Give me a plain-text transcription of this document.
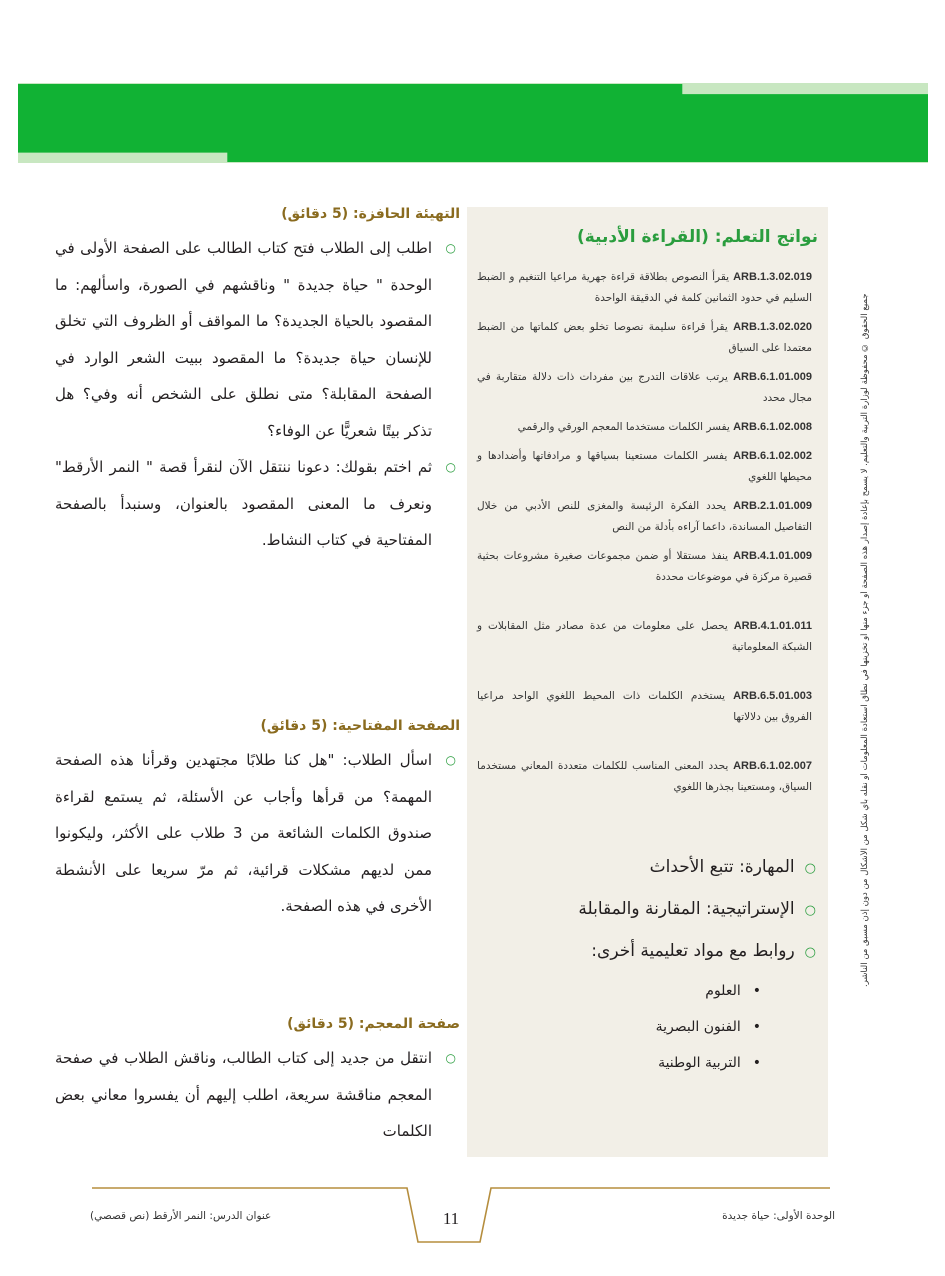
جميع الحقوق © محفوظة لوزارة التربية والتعليم. لا يسمح بإعادة إصدار هذه الصفحة أو جزء منها أو تخزينها في نطاق استعادة المعلومات أو نقله بأي شكل من الأشكال من دون إذن مسبق من الناشر.
نواتج التعلم: (القراءة الأدبية)
ARB.1.3.02.019 يقرأ النصوص بطلاقة قراءة جهرية مراعيا التنغيم و الضبط السليم في حدود الثمانين كلمة في الدقيقة الواحدة
ARB.1.3.02.020 يقرأ قراءة سليمة نصوصا تخلو بعض كلماتها من الضبط معتمدا على السياق
ARB.6.1.01.009 يرتب علاقات التدرج بين مفردات ذات دلالة متقاربة في مجال محدد
ARB.6.1.02.008 يفسر الكلمات مستخدما المعجم الورقي والرقمي
ARB.6.1.02.002 يفسر الكلمات مستعينا بسياقها و مرادفاتها وأضدادها و محيطها اللغوي
ARB.2.1.01.009 يحدد الفكرة الرئيسة والمغزى للنص الأدبي من خلال التفاصيل المساندة، داعما آراءه بأدلة من النص
ARB.4.1.01.009 ينفذ مستقلا أو ضمن مجموعات صغيرة مشروعات بحثية قصيرة مركزة في موضوعات محددة
ARB.4.1.01.011 يحصل على معلومات من عدة مصادر مثل المقابلات و الشبكة المعلوماتية
ARB.6.5.01.003 يستخدم الكلمات ذات المحيط اللغوي الواحد مراعيا الفروق بين دلالاتها
ARB.6.1.02.007 يحدد المعنى المناسب للكلمات متعددة المعاني مستخدما السياق، ومستعينا بجذرها اللغوي
○المهارة: تتبع الأحداث
○الإستراتيجية: المقارنة والمقابلة
○روابط مع مواد تعليمية أخرى:
•العلوم
•الفنون البصرية
•التربية الوطنية
التهيئة الحافزة: (5 دقائق)
○
اطلب إلى الطلاب فتح كتاب الطالب على الصفحة الأولى في الوحدة " حياة جديدة " وناقشهم في الصورة، واسألهم: ما المقصود بالحياة الجديدة؟ ما المواقف أو الظروف التي تخلق للإنسان حياة جديدة؟ ما المقصود ببيت الشعر الوارد في الصفحة المقابلة؟ متى نطلق على الشخص أنه وفي؟ هل تذكر بيتًا شعريًّا عن الوفاء؟
○
ثم اختم بقولك: دعونا ننتقل الآن لنقرأ قصة " النمر الأرقط" ونعرف ما المعنى المقصود بالعنوان، وسنبدأ بالصفحة المفتاحية في كتاب النشاط.
الصفحة المفتاحية: (5 دقائق)
○
اسأل الطلاب: "هل كنا طلابًا مجتهدين وقرأنا هذه الصفحة المهمة؟ من قرأها وأجاب عن الأسئلة، ثم يستمع لقراءة صندوق الكلمات الشائعة من 3 طلاب على الأكثر، وليكونوا ممن لديهم مشكلات قرائية، ثم مرّ سريعا على الأنشطة الأخرى في هذه الصفحة.
صفحة المعجم: (5 دقائق)
○
انتقل من جديد إلى كتاب الطالب، وناقش الطلاب في صفحة المعجم مناقشة سريعة، اطلب إليهم أن يفسروا معاني بعض الكلمات
عنوان الدرس: النمر الأرقط (نص قصصي)	11	الوحدة الأولى: حياة جديدة
